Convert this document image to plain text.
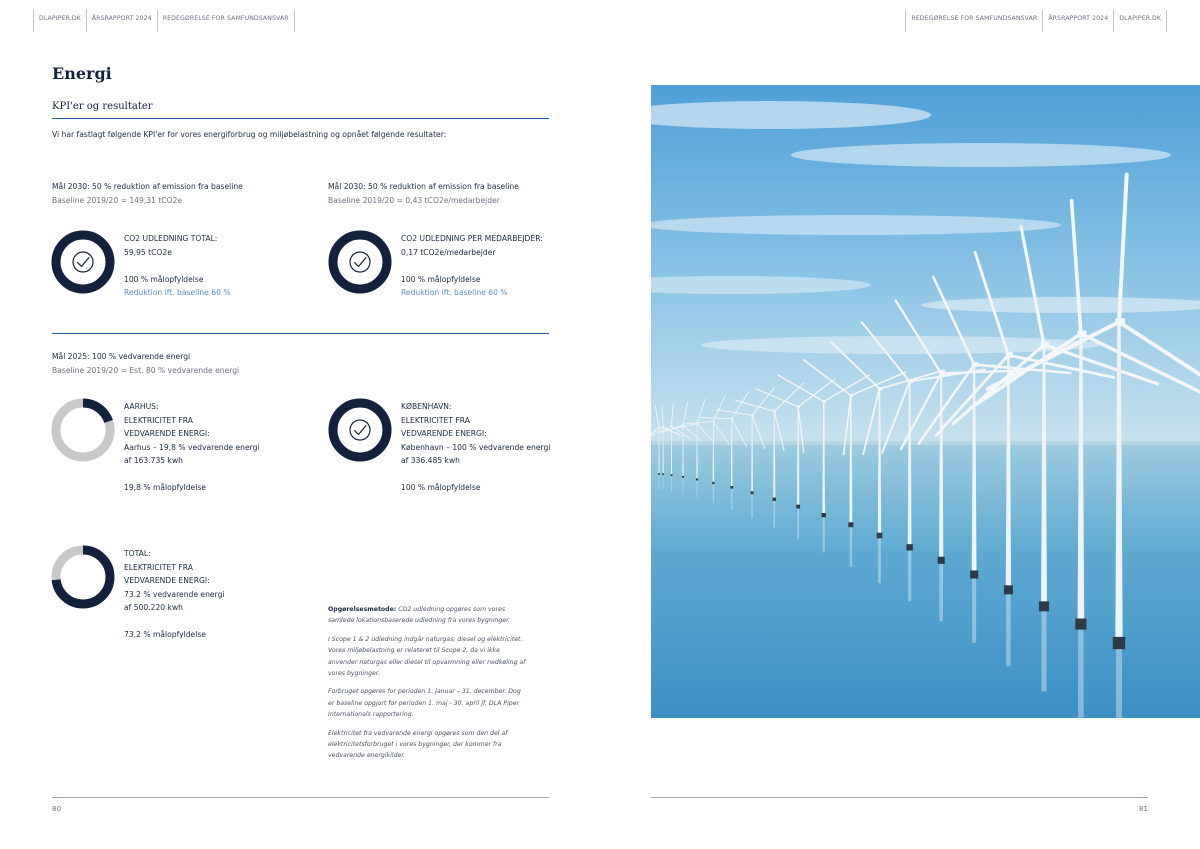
DLAPIPER.DK	ÅRSRAPPORT 2024	REDEGØRELSE FOR SAMFUNDSANSVAR	REDEGØRELSE FOR SAMFUNDSANSVAR	ÅRSRAPPORT 2024	DLAPIPER.DK
Energi
KPI'er og resultater
Vi har fastlagt følgende KPI'er for vores energiforbrug og miljøbelastning og opnået følgende resultater:
Mål 2030: 50 % reduktion af emission fra baseline
Baseline 2019/20 = 149,31 tCO2e
Mål 2030: 50 % reduktion af emission fra baseline
Baseline 2019/20 = 0,43 tCO2e/medarbejder
CO2 UDLEDNING TOTAL:
59,95 tCO2e
100 % målopfyldelse
Reduktion ift. baseline 60 %
CO2 UDLEDNING PER MEDARBEJDER:
0,17 tCO2e/medarbejder
100 % målopfyldelse
Reduktion ift. baseline 60 %
Mål 2025: 100 % vedvarende energi
Baseline 2019/20 = Est. 80 % vedvarende energi
AARHUS:
ELEKTRICITET FRA
VEDVARENDE ENERGI:
Aarhus – 19,8 % vedvarende energi
af 163.735 kwh
19,8 % målopfyldelse
KØBENHAVN:
ELEKTRICITET FRA
VEDVARENDE ENERGI:
København – 100 % vedvarende energi
af 336.485 kwh
100 % målopfyldelse
TOTAL:
ELEKTRICITET FRA
VEDVARENDE ENERGI:
73.2 % vedvarende energi
af 500.220 kwh
73,2 % målopfyldelse

Opgørelsesmetode: CO2 udledning opgøres som vores samlede lokationsbaserede udledning fra vores bygninger.

I Scope 1 & 2 udledning indgår naturgas, diesel og elektricitet. Vores miljøbelastning er relateret til Scope 2, da vi ikke anvender naturgas eller diesel til opvarmning eller nedkøling af vores bygninger.

Forbruget opgøres for perioden 1. januar – 31. december. Dog er baseline opgjort for perioden 1. maj - 30. april jf. DLA Piper Internationals rapportering.

Elektricitet fra vedvarende energi opgøres som den del af elektricitetsforbruget i vores bygninger, der kommer fra vedvarende energikilder.

80	81
